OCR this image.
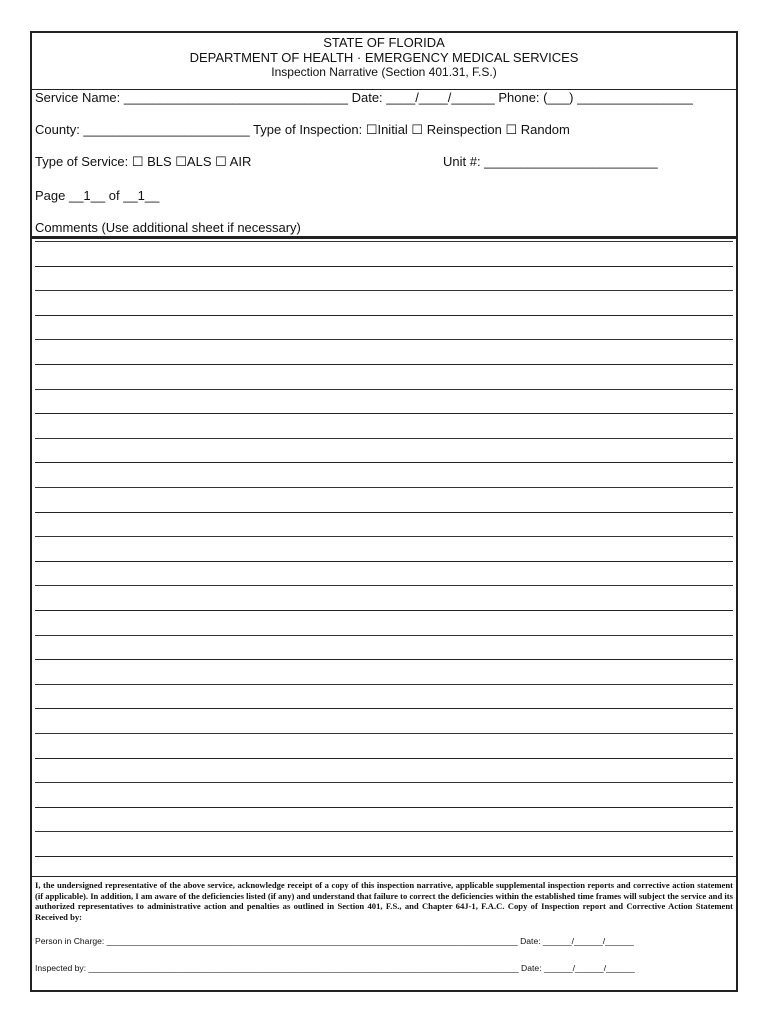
STATE OF FLORIDA
DEPARTMENT OF HEALTH · EMERGENCY MEDICAL SERVICES
Inspection Narrative (Section 401.31, F.S.)
Service Name: _______________________________ Date: ____/____/______ Phone: (___) ________________
County: _______________________ Type of Inspection: ☐Initial ☐ Reinspection ☐ Random
Type of Service: ☐ BLS ☐ALS ☐ AIR	Unit #: ________________________
Page __1__ of __1__
Comments (Use additional sheet if necessary)
I, the undersigned representative of the above service, acknowledge receipt of a copy of this inspection narrative, applicable supplemental inspection reports and corrective action statement (if applicable). In addition, I am aware of the deficiencies listed (if any) and understand that failure to correct the deficiencies within the established time frames will subject the service and its authorized representatives to administrative action and penalties as outlined in Section 401, F.S., and Chapter 64J-1, F.A.C. Copy of Inspection report and Corrective Action Statement Received by:
Person in Charge: ______________________________________________________________________________________ Date: ______/______/______
Inspected by: __________________________________________________________________________________________ Date: ______/______/______
